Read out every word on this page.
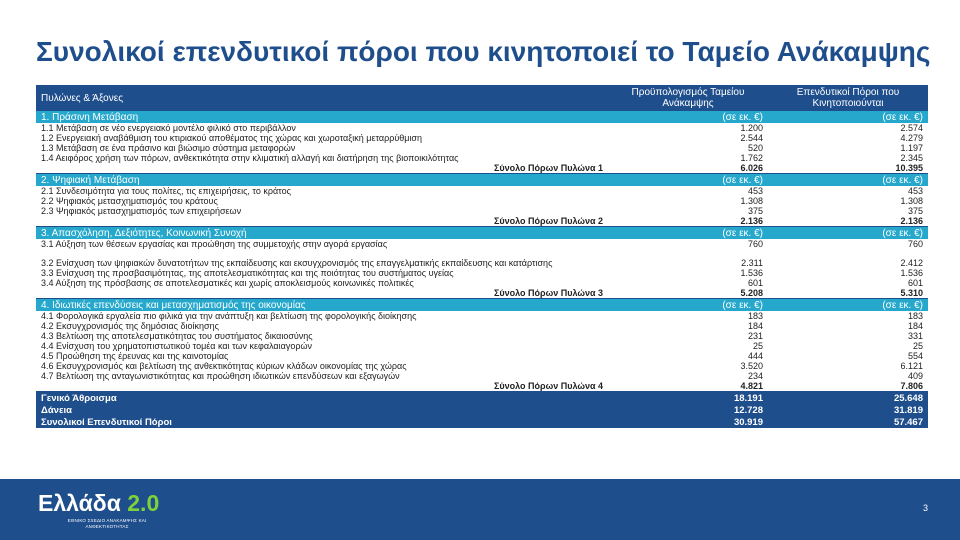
Συνολικοί επενδυτικοί πόροι που κινητοποιεί το Ταμείο Ανάκαμψης
Πυλώνες & Άξονες	Προϋπολογισμός Ταμείου Ανάκαμψης	Επενδυτικοί Πόροι που Κινητοποιούνται
1. Πράσινη Μετάβαση	(σε εκ. €)	(σε εκ. €)
1.1 Μετάβαση σε νέο ενεργειακό μοντέλο φιλικό στο περιβάλλον	1.200	2.574
1.2 Ενεργειακή αναβάθμιση του κτιριακού αποθέματος της χώρας και χωροταξική μεταρρύθμιση	2.544	4.279
1.3 Μετάβαση σε ένα πράσινο και βιώσιμο σύστημα μεταφορών	520	1.197
1.4 Αειφόρος χρήση των πόρων, ανθεκτικότητα στην κλιματική αλλαγή και διατήρηση της βιοποικιλότητας	1.762	2.345
Σύνολο Πόρων Πυλώνα 1	6.026	10.395
2. Ψηφιακή Μετάβαση	(σε εκ. €)	(σε εκ. €)
2.1 Συνδεσιμότητα για τους πολίτες, τις επιχειρήσεις, το κράτος	453	453
2.2 Ψηφιακός μετασχηματισμός του κράτους	1.308	1.308
2.3 Ψηφιακός μετασχηματισμός των επιχειρήσεων	375	375
Σύνολο Πόρων Πυλώνα 2	2.136	2.136
3. Απασχόληση, Δεξιότητες, Κοινωνική Συνοχή	(σε εκ. €)	(σε εκ. €)
3.1 Αύξηση των θέσεων εργασίας και προώθηση της συμμετοχής στην αγορά εργασίας	760	760
3.2 Ενίσχυση των ψηφιακών δυνατοτήτων της εκπαίδευσης και εκσυγχρονισμός της επαγγελματικής εκπαίδευσης και κατάρτισης	2.311	2.412
3.3 Ενίσχυση της προσβασιμότητας, της αποτελεσματικότητας και της ποιότητας του συστήματος υγείας	1.536	1.536
3.4 Αύξηση της πρόσβασης σε αποτελεσματικές και χωρίς αποκλεισμούς κοινωνικές πολιτικές	601	601
Σύνολο Πόρων Πυλώνα 3	5.208	5.310
4. Ιδιωτικές επενδύσεις και μετασχηματισμός της οικονομίας	(σε εκ. €)	(σε εκ. €)
4.1 Φορολογικά εργαλεία πιο φιλικά για την ανάπτυξη και βελτίωση της φορολογικής διοίκησης	183	183
4.2 Εκσυγχρονισμός της δημόσιας διοίκησης	184	184
4.3 Βελτίωση της αποτελεσματικότητας του συστήματος δικαιοσύνης	231	331
4.4 Ενίσχυση του χρηματοπιστωτικού τομέα και των κεφαλαιαγορών	25	25
4.5 Προώθηση της έρευνας και της καινοτομίας	444	554
4.6 Εκσυγχρονισμός και βελτίωση της ανθεκτικότητας κύριων κλάδων οικονομίας της χώρας	3.520	6.121
4.7 Βελτίωση της ανταγωνιστικότητας και προώθηση ιδιωτικών επενδύσεων και εξαγωγών	234	409
Σύνολο Πόρων Πυλώνα 4	4.821	7.806
Γενικό Άθροισμα	18.191	25.648
Δάνεια	12.728	31.819
Συνολικοί Επενδυτικοί Πόροι	30.919	57.467
Ελλάδα 2.0
ΕΘΝΙΚΟ ΣΧΕΔΙΟ ΑΝΑΚΑΜΨΗΣ ΚΑΙ ΑΝΘΕΚΤΙΚΟΤΗΤΑΣ
3
